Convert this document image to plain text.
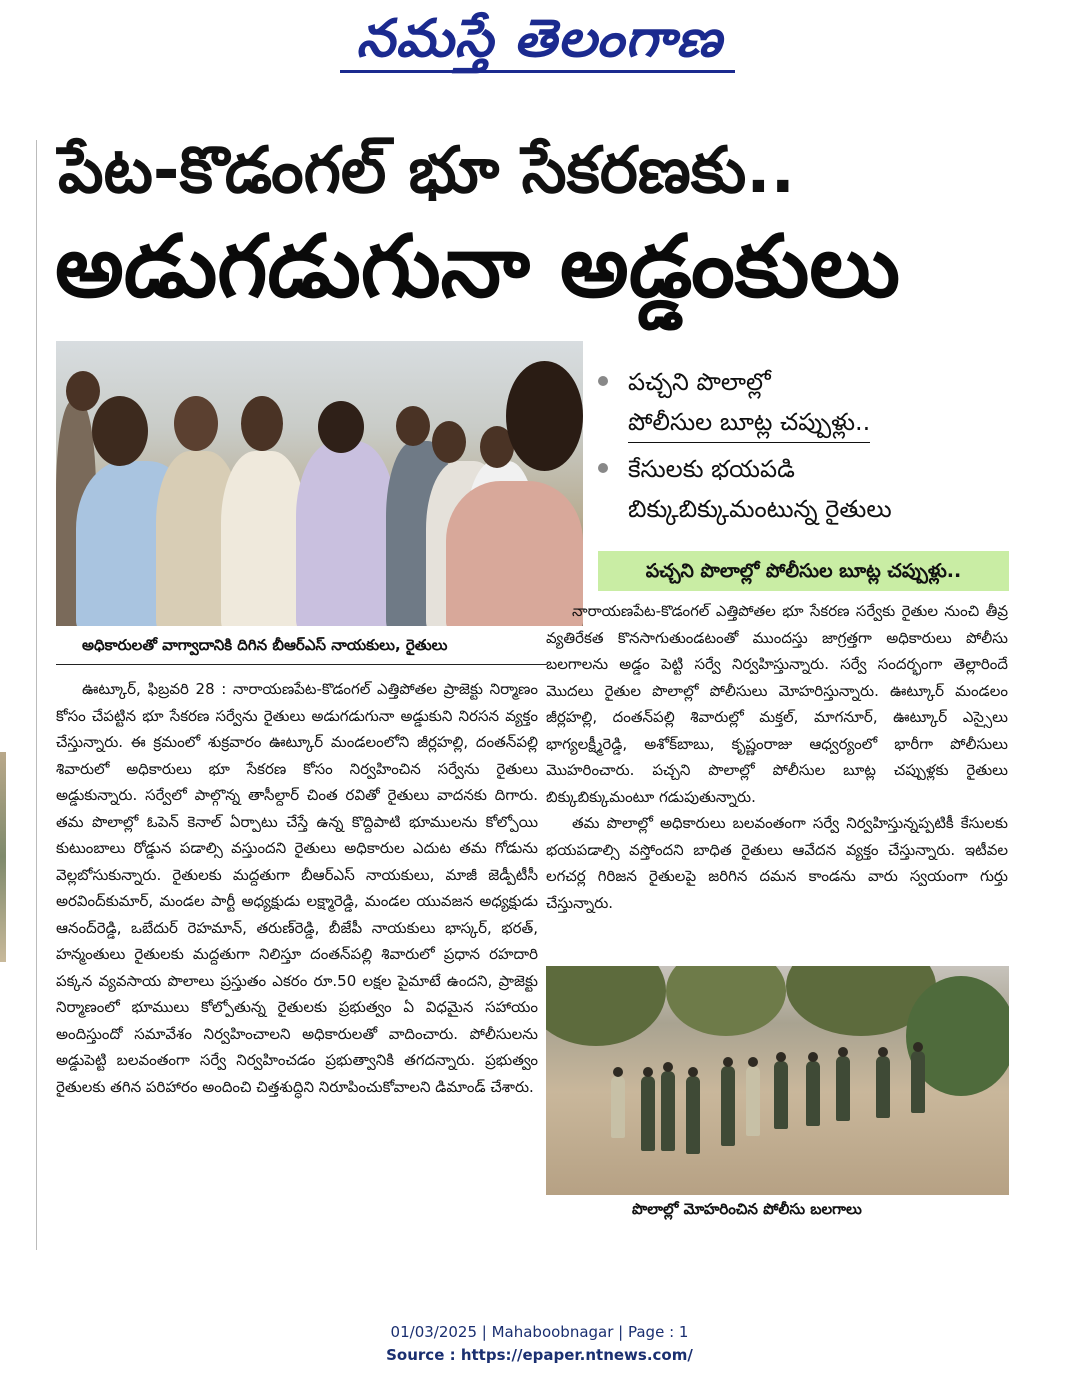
నమస్తే తెలంగాణ
పేట-కొడంగల్ భూ సేకరణకు..
అడుగడుగునా అడ్డంకులు
అధికారులతో వాగ్వాదానికి దిగిన బీఆర్ఎస్ నాయకులు, రైతులు
పచ్చని పొలాల్లో
పోలీసుల బూట్ల చప్పుళ్లు..
కేసులకు భయపడి
బిక్కుబిక్కుమంటున్న రైతులు
పచ్చని పొలాల్లో పోలీసుల బూట్ల చప్పుళ్లు..

ఊట్కూర్, ఫిబ్రవరి 28 : నారాయణపేట-కొడంగల్ ఎత్తిపోతల ప్రాజెక్టు నిర్మాణం కోసం చేపట్టిన భూ సేకరణ సర్వేను రైతులు అడుగడుగునా అడ్డుకుని నిరసన వ్యక్తం చేస్తున్నారు. ఈ క్రమంలో శుక్రవారం ఊట్కూర్ మండలంలోని జీర్లహల్లి, దంతన్‌పల్లి శివారులో అధికారులు భూ సేకరణ కోసం నిర్వహించిన సర్వేను రైతులు అడ్డుకున్నారు. సర్వేలో పాల్గొన్న తాసీల్దార్ చింత రవితో రైతులు వాదనకు దిగారు. తమ పొలాల్లో ఓపెన్ కెనాల్ ఏర్పాటు చేస్తే ఉన్న కొద్దిపాటి భూములను కోల్పోయి కుటుంబాలు రోడ్డున పడాల్సి వస్తుందని రైతులు అధికారుల ఎదుట తమ గోడును వెల్లబోసుకున్నారు. రైతులకు మద్దతుగా బీఆర్ఎస్ నాయకులు, మాజీ జెడ్పీటీసీ అరవింద్‌కుమార్, మండల పార్టీ అధ్యక్షుడు లక్ష్మారెడ్డి, మండల యువజన అధ్యక్షుడు ఆనంద్‌రెడ్డి, ఒబేదుర్ రెహమాన్, తరుణ్‌రెడ్డి, బీజేపీ నాయకులు భాస్కర్, భరత్, హన్మంతులు రైతులకు మద్దతుగా నిలిస్తూ దంతన్‌పల్లి శివారులో ప్రధాన రహదారి పక్కన వ్యవసాయ పొలాలు ప్రస్తుతం ఎకరం రూ.50 లక్షల పైమాటే ఉందని, ప్రాజెక్టు నిర్మాణంలో భూములు కోల్పోతున్న రైతులకు ప్రభుత్వం ఏ విధమైన సహాయం అందిస్తుందో సమావేశం నిర్వహించాలని అధికారులతో వాదించారు. పోలీసులను అడ్డుపెట్టి బలవంతంగా సర్వే నిర్వహించడం ప్రభుత్వానికి తగదన్నారు. ప్రభుత్వం రైతులకు తగిన పరిహారం అందించి చిత్తశుద్ధిని నిరూపించుకోవాలని డిమాండ్ చేశారు.

నారాయణపేట-కొడంగల్ ఎత్తిపోతల భూ సేకరణ సర్వేకు రైతుల నుంచి తీవ్ర వ్యతిరేకత కొనసాగుతుండటంతో ముందస్తు జాగ్రత్తగా అధికారులు పోలీసు బలగాలను అడ్డం పెట్టి సర్వే నిర్వహిస్తున్నారు. సర్వే సందర్భంగా తెల్లారిందే మొదలు రైతుల పొలాల్లో పోలీసులు మోహరిస్తున్నారు. ఊట్కూర్ మండలం జీర్లహల్లి, దంతన్‌పల్లి శివారుల్లో మక్తల్, మాగనూర్, ఊట్కూర్ ఎస్సైలు భాగ్యలక్ష్మీరెడ్డి, అశోక్‌బాబు, కృష్ణంరాజు ఆధ్వర్యంలో భారీగా పోలీసులు మొహరించారు. పచ్చని పొలాల్లో పోలీసుల బూట్ల చప్పుళ్లకు రైతులు బిక్కుబిక్కుమంటూ గడుపుతున్నారు.

తమ పొలాల్లో అధికారులు బలవంతంగా సర్వే నిర్వహిస్తున్నప్పటికీ కేసులకు భయపడాల్సి వస్తోందని బాధిత రైతులు ఆవేదన వ్యక్తం చేస్తున్నారు. ఇటీవల లగచర్ల గిరిజన రైతులపై జరిగిన దమన కాండను వారు స్వయంగా గుర్తు చేస్తున్నారు.

పొలాల్లో మోహరించిన పోలీసు బలగాలు
01/03/2025 | Mahaboobnagar | Page : 1
Source : https://epaper.ntnews.com/
